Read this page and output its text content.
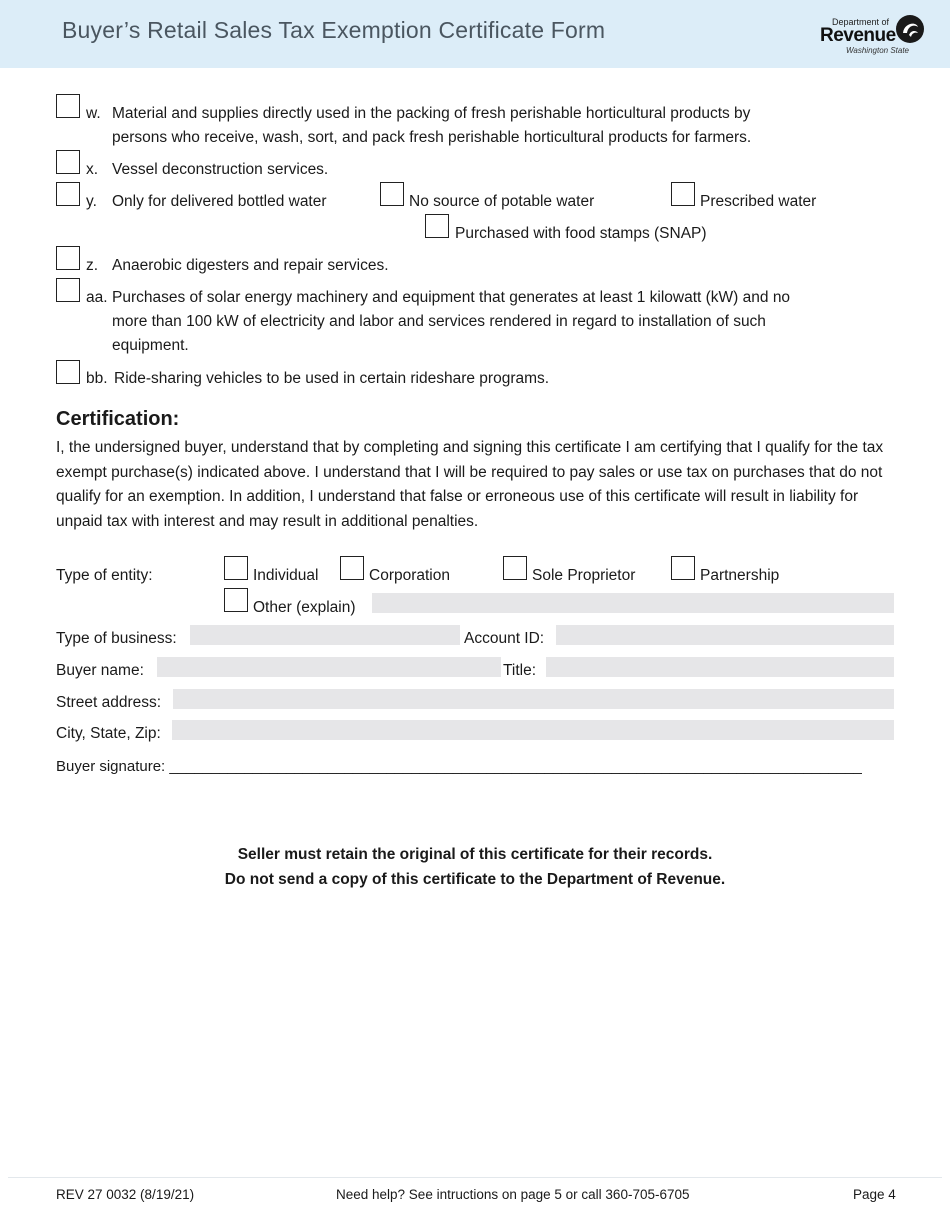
Buyer’s Retail Sales Tax Exemption Certificate Form	Department of
Revenue
Washington State
w. Material and supplies directly used in the packing of fresh perishable horticultural products by
persons who receive, wash, sort, and pack fresh perishable horticultural products for farmers.
x. Vessel deconstruction services.
y. Only for delivered bottled water	No source of potable water	Prescribed water
Purchased with food stamps (SNAP)
z. Anaerobic digesters and repair services.
aa. Purchases of solar energy machinery and equipment that generates at least 1 kilowatt (kW) and no
more than 100 kW of electricity and labor and services rendered in regard to installation of such
equipment.
bb. Ride-sharing vehicles to be used in certain rideshare programs.
Certification:
I, the undersigned buyer, understand that by completing and signing this certificate I am certifying that I qualify for the tax exempt purchase(s) indicated above. I understand that I will be required to pay sales or use tax on purchases that do not qualify for an exemption. In addition, I understand that false or erroneous use of this certificate will result in liability for unpaid tax with interest and may result in additional penalties.
Type of entity:	Individual	Corporation	Sole Proprietor	Partnership
Other (explain)
Type of business:	Account ID:
Buyer name:	Title:
Street address:
City, State, Zip:
Buyer signature: ___________________________________________________________________________________
Seller must retain the original of this certificate for their records.
Do not send a copy of this certificate to the Department of Revenue.
REV 27 0032 (8/19/21)	Need help? See intructions on page 5 or call 360-705-6705	Page 4
